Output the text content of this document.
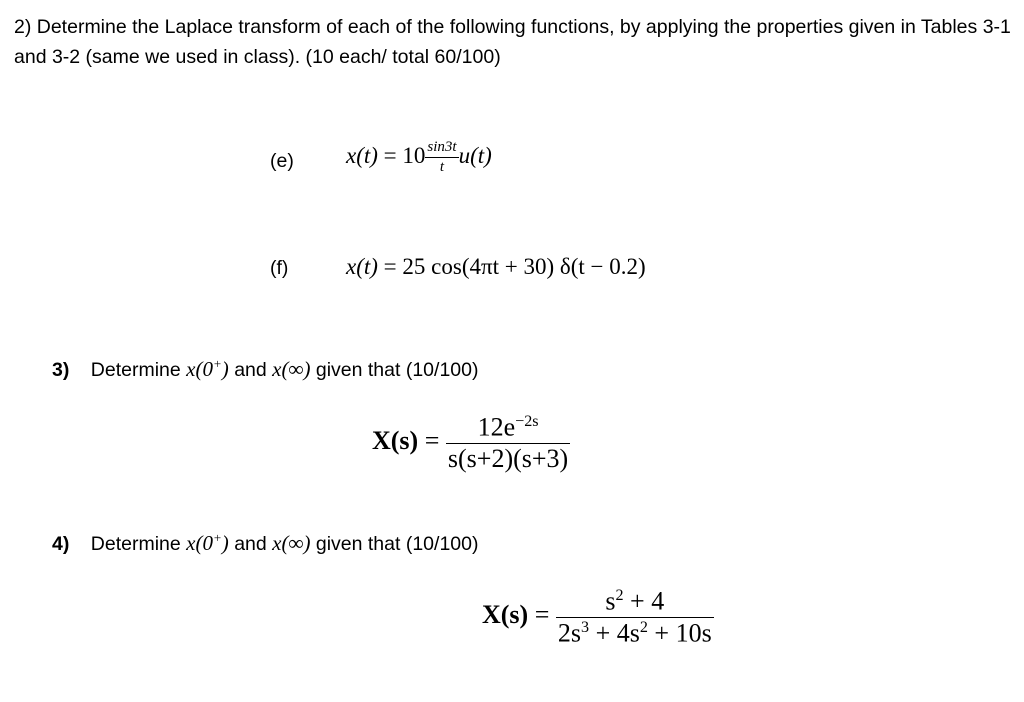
2) Determine the Laplace transform of each of the following functions, by applying the properties given in Tables 3-1 and 3-2 (same we used in class). (10 each/ total 60/100)
(e) $x(t) = 10 \frac{\sin 3t}{t} u(t)$
(f)	x(t) = 25 cos(4πt + 30) δ(t − 0.2)
3) Determine x(0+) and x(∞) given that (10/100)
$X(s) = \frac{12e^{-2s}}{s(s+2)(s+3)}$
4) Determine x(0+) and x(∞) given that (10/100)
$X(s) = \frac{s^2 + 4}{2s^3 + 4s^2 + 10s}$
